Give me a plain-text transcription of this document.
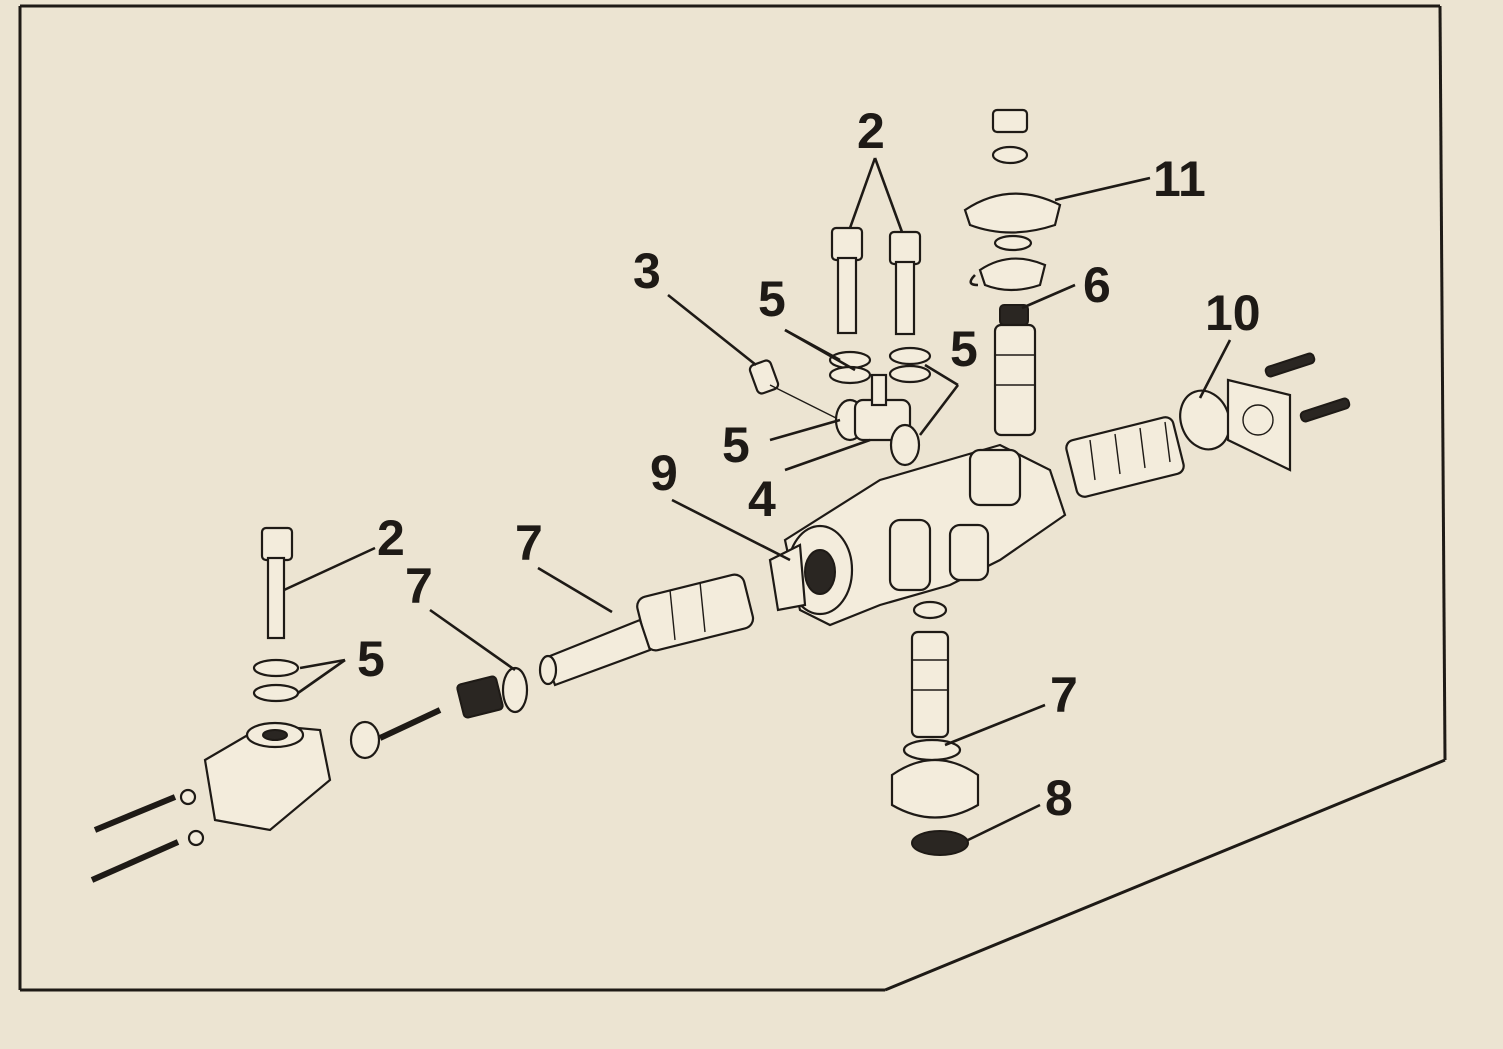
2
11
3 5
5
6 10
5
9 4
2 7
7
5
7
8
